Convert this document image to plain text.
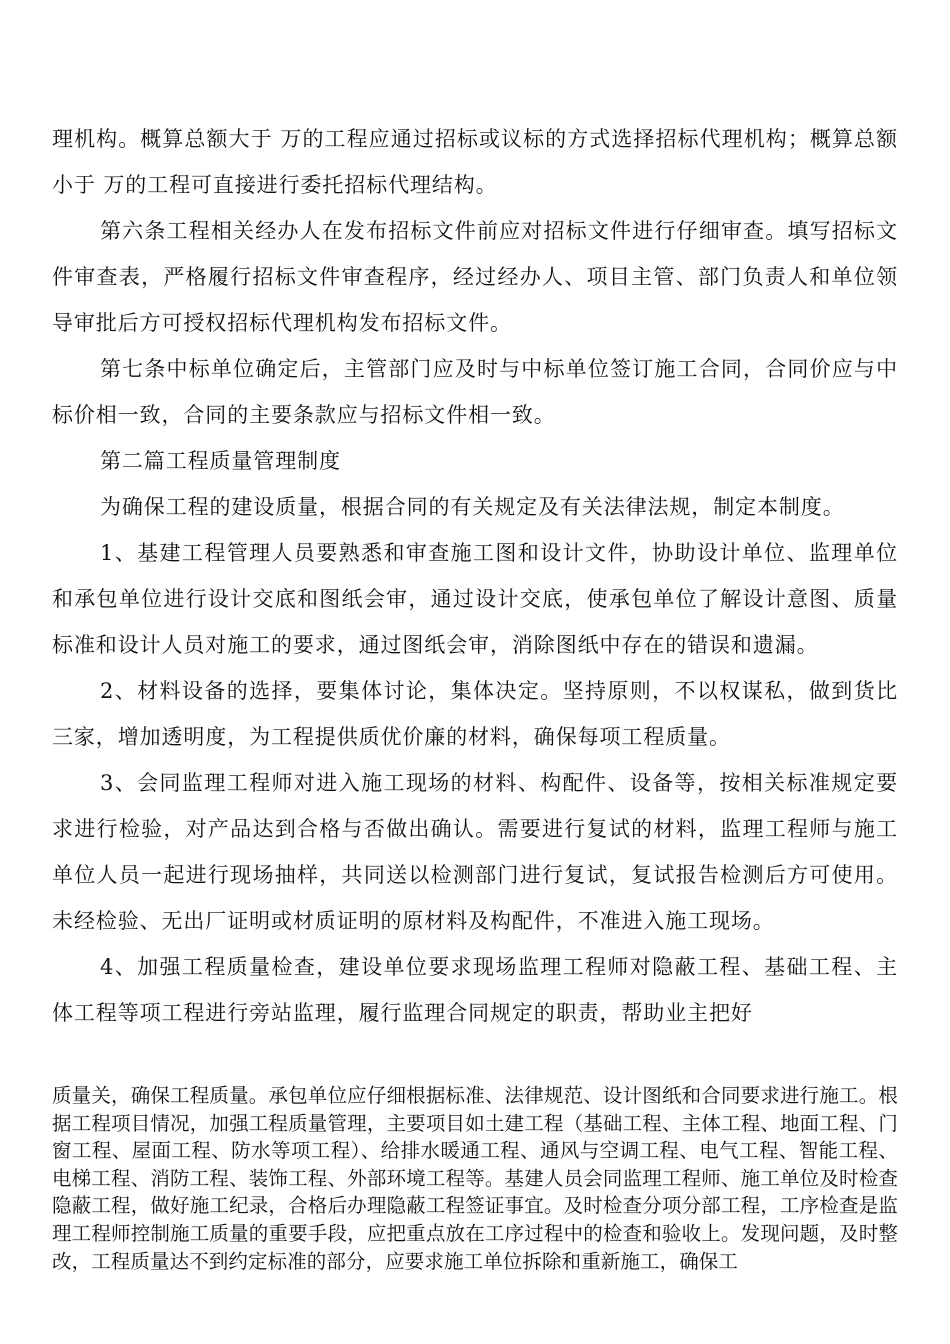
理机构。概算总额大于 万的工程应通过招标或议标的方式选择招标代理机构；概算总额小于 万的工程可直接进行委托招标代理结构。

第六条工程相关经办人在发布招标文件前应对招标文件进行仔细审查。填写招标文件审查表，严格履行招标文件审查程序，经过经办人、项目主管、部门负责人和单位领导审批后方可授权招标代理机构发布招标文件。

第七条中标单位确定后，主管部门应及时与中标单位签订施工合同，合同价应与中标价相一致，合同的主要条款应与招标文件相一致。

第二篇工程质量管理制度

为确保工程的建设质量，根据合同的有关规定及有关法律法规，制定本制度。

1、基建工程管理人员要熟悉和审查施工图和设计文件，协助设计单位、监理单位和承包单位进行设计交底和图纸会审，通过设计交底，使承包单位了解设计意图、质量标准和设计人员对施工的要求，通过图纸会审，消除图纸中存在的错误和遗漏。

2、材料设备的选择，要集体讨论，集体决定。坚持原则，不以权谋私，做到货比三家，增加透明度，为工程提供质优价廉的材料，确保每项工程质量。

3、会同监理工程师对进入施工现场的材料、构配件、设备等，按相关标准规定要求进行检验，对产品达到合格与否做出确认。需要进行复试的材料，监理工程师与施工单位人员一起进行现场抽样，共同送以检测部门进行复试，复试报告检测后方可使用。未经检验、无出厂证明或材质证明的原材料及构配件，不准进入施工现场。

4、加强工程质量检查，建设单位要求现场监理工程师对隐蔽工程、基础工程、主体工程等项工程进行旁站监理，履行监理合同规定的职责，帮助业主把好

质量关，确保工程质量。承包单位应仔细根据标准、法律规范、设计图纸和合同要求进行施工。根据工程项目情况，加强工程质量管理，主要项目如土建工程（基础工程、主体工程、地面工程、门窗工程、屋面工程、防水等项工程）、给排水暖通工程、通风与空调工程、电气工程、智能工程、电梯工程、消防工程、装饰工程、外部环境工程等。基建人员会同监理工程师、施工单位及时检查隐蔽工程，做好施工纪录，合格后办理隐蔽工程签证事宜。及时检查分项分部工程，工序检查是监理工程师控制施工质量的重要手段，应把重点放在工序过程中的检查和验收上。发现问题，及时整改，工程质量达不到约定标准的部分，应要求施工单位拆除和重新施工，确保工
